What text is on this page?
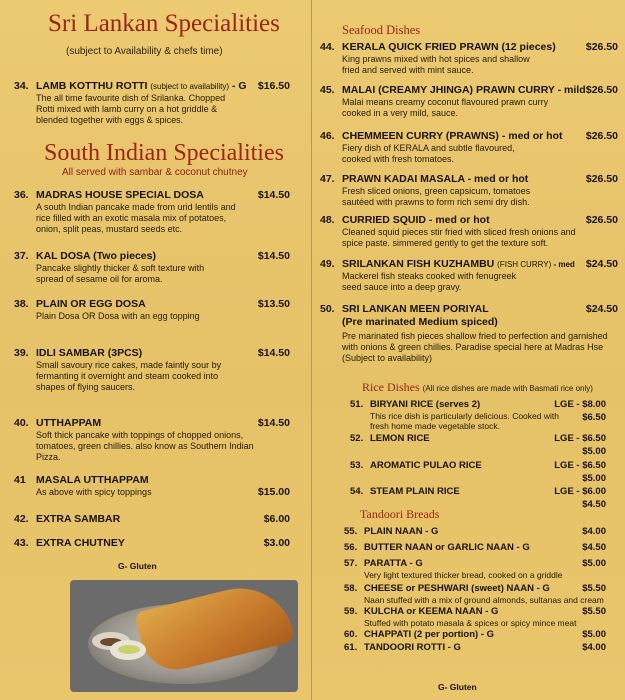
Sri Lankan Specialities
(subject to Availability & chefs time)
34. LAMB KOTTHU ROTTI (subject to availability) - G	$16.50
The all time favourite dish of Srilanka. Chopped Rotti mixed with lamb curry on a hot griddle & blended together with eggs & spices.
South Indian Specialities
All served with sambar & coconut chutney
36. MADRAS HOUSE SPECIAL DOSA	$14.50
A south Indian pancake made from urid lentils and rice filled with an exotic masala mix of potatoes, onion, split peas, mustard seeds etc.
37. KAL DOSA (Two pieces)	$14.50
Pancake slightly thicker & soft texture with spread of sesame oil for aroma.
38. PLAIN OR EGG DOSA	$13.50
Plain Dosa OR Dosa with an egg topping
39. IDLI SAMBAR (3PCS)	$14.50
Small savoury rice cakes, made faintly sour by fermanting it overnight and steam cooked into shapes of flying saucers.
40. UTTHAPPAM	$14.50
Soft thick pancake with toppings of chopped onions, tomatoes, green chillies. also know as Southern Indian Pizza.
41 MASALA UTTHAPPAM
$15.00
As above with spicy toppings
42. EXTRA SAMBAR	$6.00
43. EXTRA CHUTNEY	$3.00
G- Gluten
Seafood Dishes
44. KERALA QUICK FRIED PRAWN (12 pieces)	$26.50
King prawns mixed with hot spices and shallow fried and served with mint sauce.
45. MALAI (CREAMY JHINGA) PRAWN CURRY - mild $26.50
Malai means creamy coconut flavoured prawn curry cooked in a very mild, sauce.
46. CHEMMEEN CURRY (PRAWNS) - med or hot	$26.50
Fiery dish of KERALA and subtle flavoured, cooked with fresh tomatoes.
47. PRAWN KADAI MASALA - med or hot	$26.50
Fresh sliced onions, green capsicum, tomatoes sautéed with prawns to form rich semi dry dish.
48. CURRIED SQUID - med or hot	$26.50
Cleaned squid pieces stir fried with sliced fresh onions and spice paste. simmered gently to get the texture soft.
49. SRILANKAN FISH KUZHAMBU (FISH CURRY) - med	$24.50
Mackerel fish steaks cooked with fenugreek seed sauce into a deep gravy.
50. SRI LANKAN MEEN PORIYAL	$24.50
(Pre marinated Medium spiced)
Pre marinated fish pieces shallow fried to perfection and garnished with onions & green chillies. Paradise special here at Madras Hse (Subject to availability)
Rice Dishes (All rice dishes are made with Basmati rice only)
51. BIRYANI RICE (serves 2)	LGE - $8.00
This rice dish is particularly delicious. Cooked with fresh home made vegetable stock.
$6.50
52. LEMON RICE	LGE - $6.50
$5.00
53. AROMATIC PULAO RICE	LGE - $6.50
$5.00
54. STEAM PLAIN RICE	LGE - $6.00
$4.50
Tandoori Breads
55. PLAIN NAAN - G	$4.00
56. BUTTER NAAN or GARLIC NAAN - G	$4.50
57. PARATTA - G	$5.00
Very light textured thicker bread, cooked on a griddle
58. CHEESE or PESHWARI (sweet) NAAN - G	$5.50
Naan stuffed with a mix of ground almonds, sultanas and cream
59. KULCHA or KEEMA NAAN - G	$5.50
Stuffed with potato masala & spices or spicy mince meat
60. CHAPPATI (2 per portion) - G	$5.00
61. TANDOORI ROTTI - G	$4.00
G- Gluten
